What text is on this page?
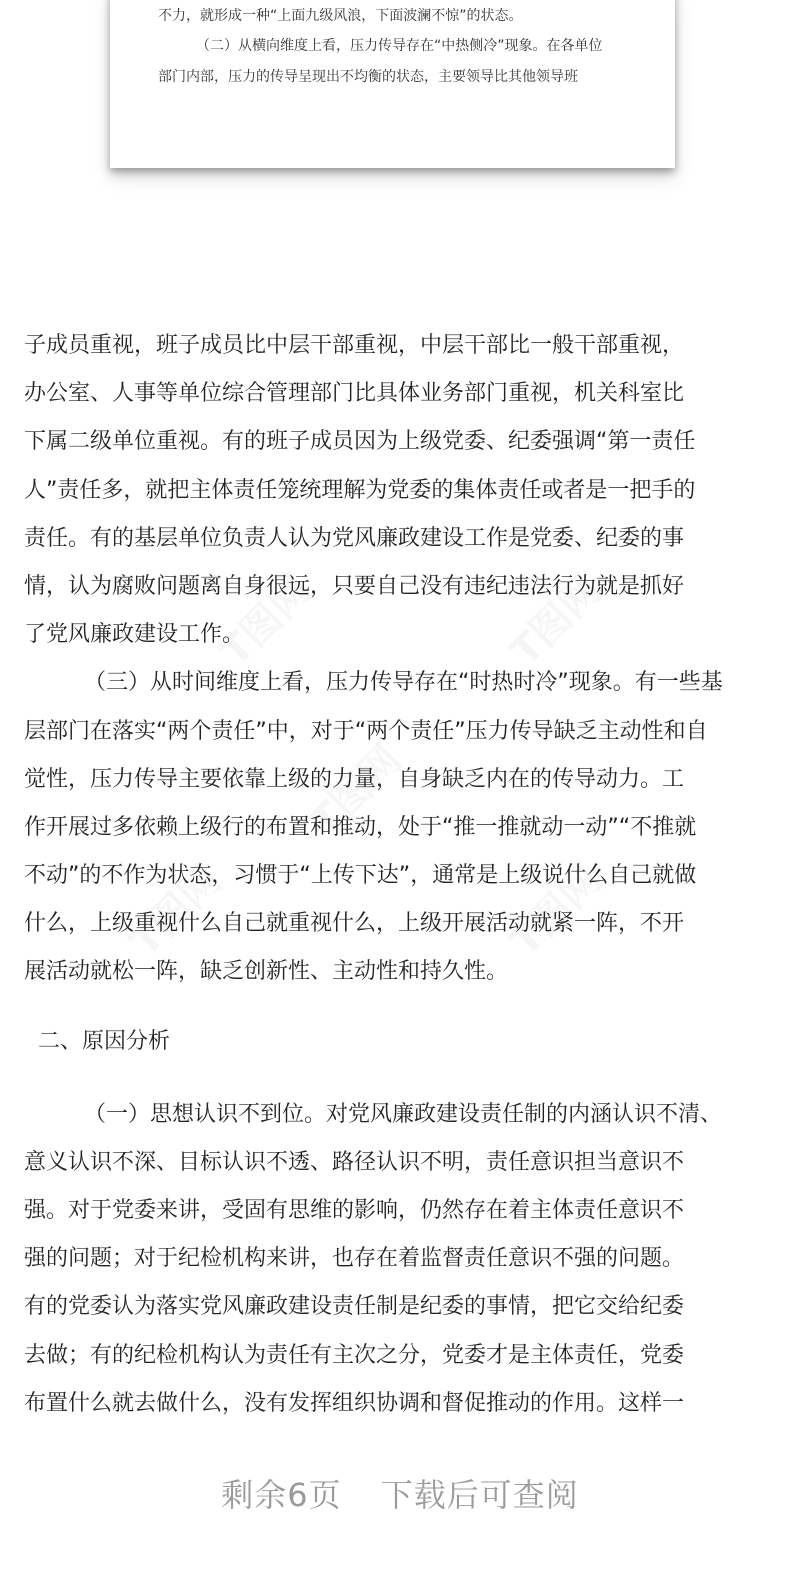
不力，就形成一种“上面九级风浪，下面波澜不惊”的状态。
（二）从横向维度上看，压力传导存在“中热侧冷”现象。在各单位
部门内部，压力的传导呈现出不均衡的状态，主要领导比其他领导班
子成员重视，班子成员比中层干部重视，中层干部比一般干部重视，
办公室、人事等单位综合管理部门比具体业务部门重视，机关科室比
下属二级单位重视。有的班子成员因为上级党委、纪委强调“第一责任
人”责任多，就把主体责任笼统理解为党委的集体责任或者是一把手的
责任。有的基层单位负责人认为党风廉政建设工作是党委、纪委的事
情，认为腐败问题离自身很远，只要自己没有违纪违法行为就是抓好
了党风廉政建设工作。
（三）从时间维度上看，压力传导存在“时热时冷”现象。有一些基
层部门在落实“两个责任”中，对于“两个责任”压力传导缺乏主动性和自
觉性，压力传导主要依靠上级的力量，自身缺乏内在的传导动力。工
作开展过多依赖上级行的布置和推动，处于“推一推就动一动”“不推就
不动”的不作为状态，习惯于“上传下达”，通常是上级说什么自己就做
什么，上级重视什么自己就重视什么，上级开展活动就紧一阵，不开
展活动就松一阵，缺乏创新性、主动性和持久性。
二、原因分析
（一）思想认识不到位。对党风廉政建设责任制的内涵认识不清、
意义认识不深、目标认识不透、路径认识不明，责任意识担当意识不
强。对于党委来讲，受固有思维的影响，仍然存在着主体责任意识不
强的问题；对于纪检机构来讲，也存在着监督责任意识不强的问题。
有的党委认为落实党风廉政建设责任制是纪委的事情，把它交给纪委
去做；有的纪检机构认为责任有主次之分，党委才是主体责任，党委
布置什么就去做什么，没有发挥组织协调和督促推动的作用。这样一
剩余6页 下载后可查阅
